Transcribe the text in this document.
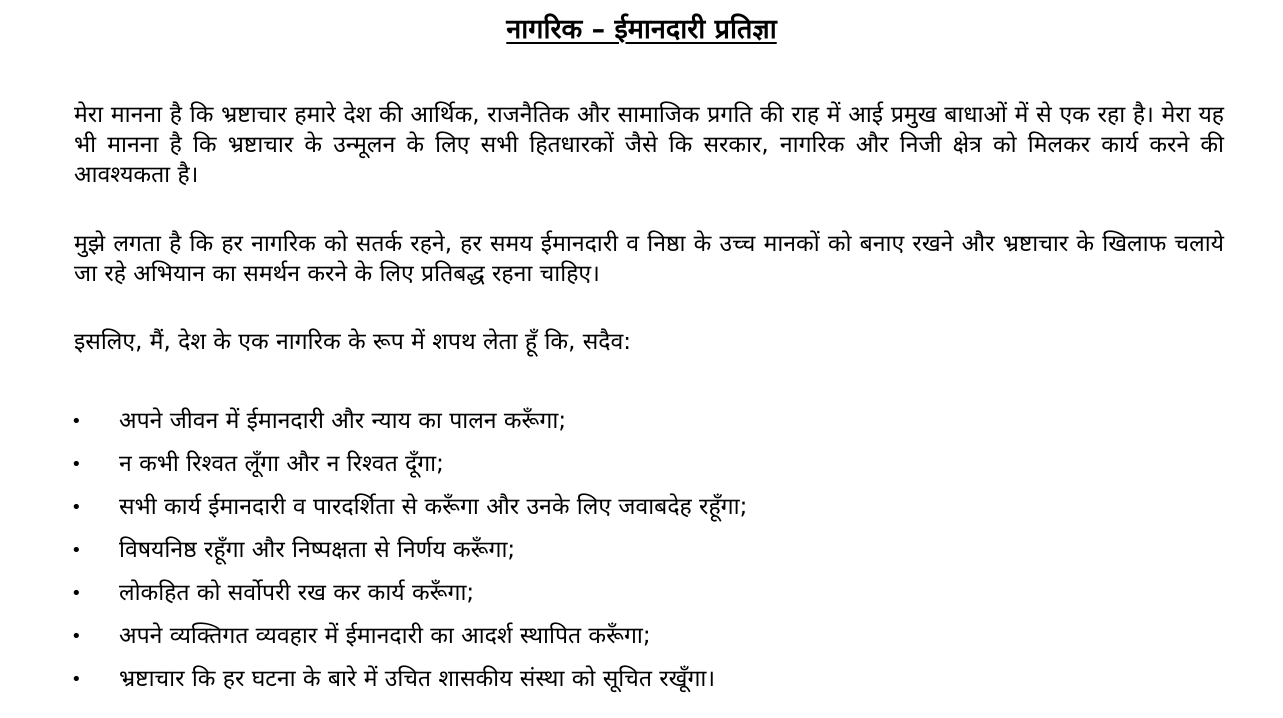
नागरिक – ईमानदारी प्रतिज्ञा

मेरा मानना है कि भ्रष्टाचार हमारे देश की आर्थिक, राजनैतिक और सामाजिक प्रगति की राह में आई प्रमुख बाधाओं में से एक रहा है। मेरा यह भी मानना है कि भ्रष्टाचार के उन्मूलन के लिए सभी हितधारकों जैसे कि सरकार, नागरिक और निजी क्षेत्र को मिलकर कार्य करने की आवश्यकता है।

मुझे लगता है कि हर नागरिक को सतर्क रहने, हर समय ईमानदारी व निष्ठा के उच्च मानकों को बनाए रखने और भ्रष्टाचार के खिलाफ चलाये जा रहे अभियान का समर्थन करने के लिए प्रतिबद्ध रहना चाहिए।

इसलिए, मैं, देश के एक नागरिक के रूप में शपथ लेता हूँ कि, सदैव:

• अपने जीवन में ईमानदारी और न्याय का पालन करूँगा;
• न कभी रिश्वत लूँगा और न रिश्वत दूँगा;
• सभी कार्य ईमानदारी व पारदर्शिता से करूँगा और उनके लिए जवाबदेह रहूँगा;
• विषयनिष्ठ रहूँगा और निष्पक्षता से निर्णय करूँगा;
• लोकहित को सर्वोपरी रख कर कार्य करूँगा;
• अपने व्यक्तिगत व्यवहार में ईमानदारी का आदर्श स्थापित करूँगा;
• भ्रष्टाचार कि हर घटना के बारे में उचित शासकीय संस्था को सूचित रखूँगा।
